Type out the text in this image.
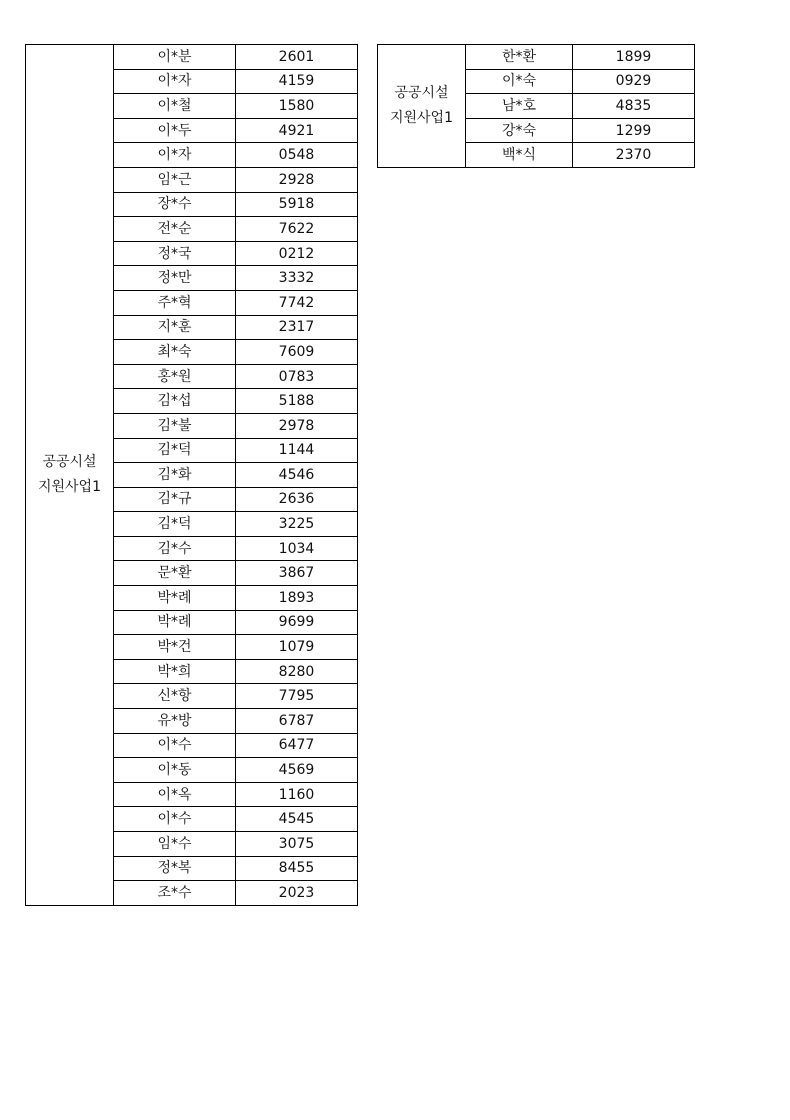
공공시설
지원사업1	이*분	2601
	이*자	4159
	이*철	1580
	이*두	4921
	이*자	0548
	임*근	2928
	장*수	5918
	전*순	7622
	정*국	0212
	정*만	3332
	주*혁	7742
	지*훈	2317
	최*숙	7609
	홍*원	0783
	김*섭	5188
	김*불	2978
	김*덕	1144
	김*화	4546
	김*규	2636
	김*덕	3225
	김*수	1034
	문*환	3867
	박*례	1893
	박*례	9699
	박*건	1079
	박*희	8280
	신*항	7795
	유*방	6787
	이*수	6477
	이*동	4569
	이*옥	1160
	이*수	4545
	임*수	3075
	정*복	8455
	조*수	2023
공공시설
지원사업1	한*환	1899
	이*숙	0929
	남*호	4835
	강*숙	1299
	백*식	2370
